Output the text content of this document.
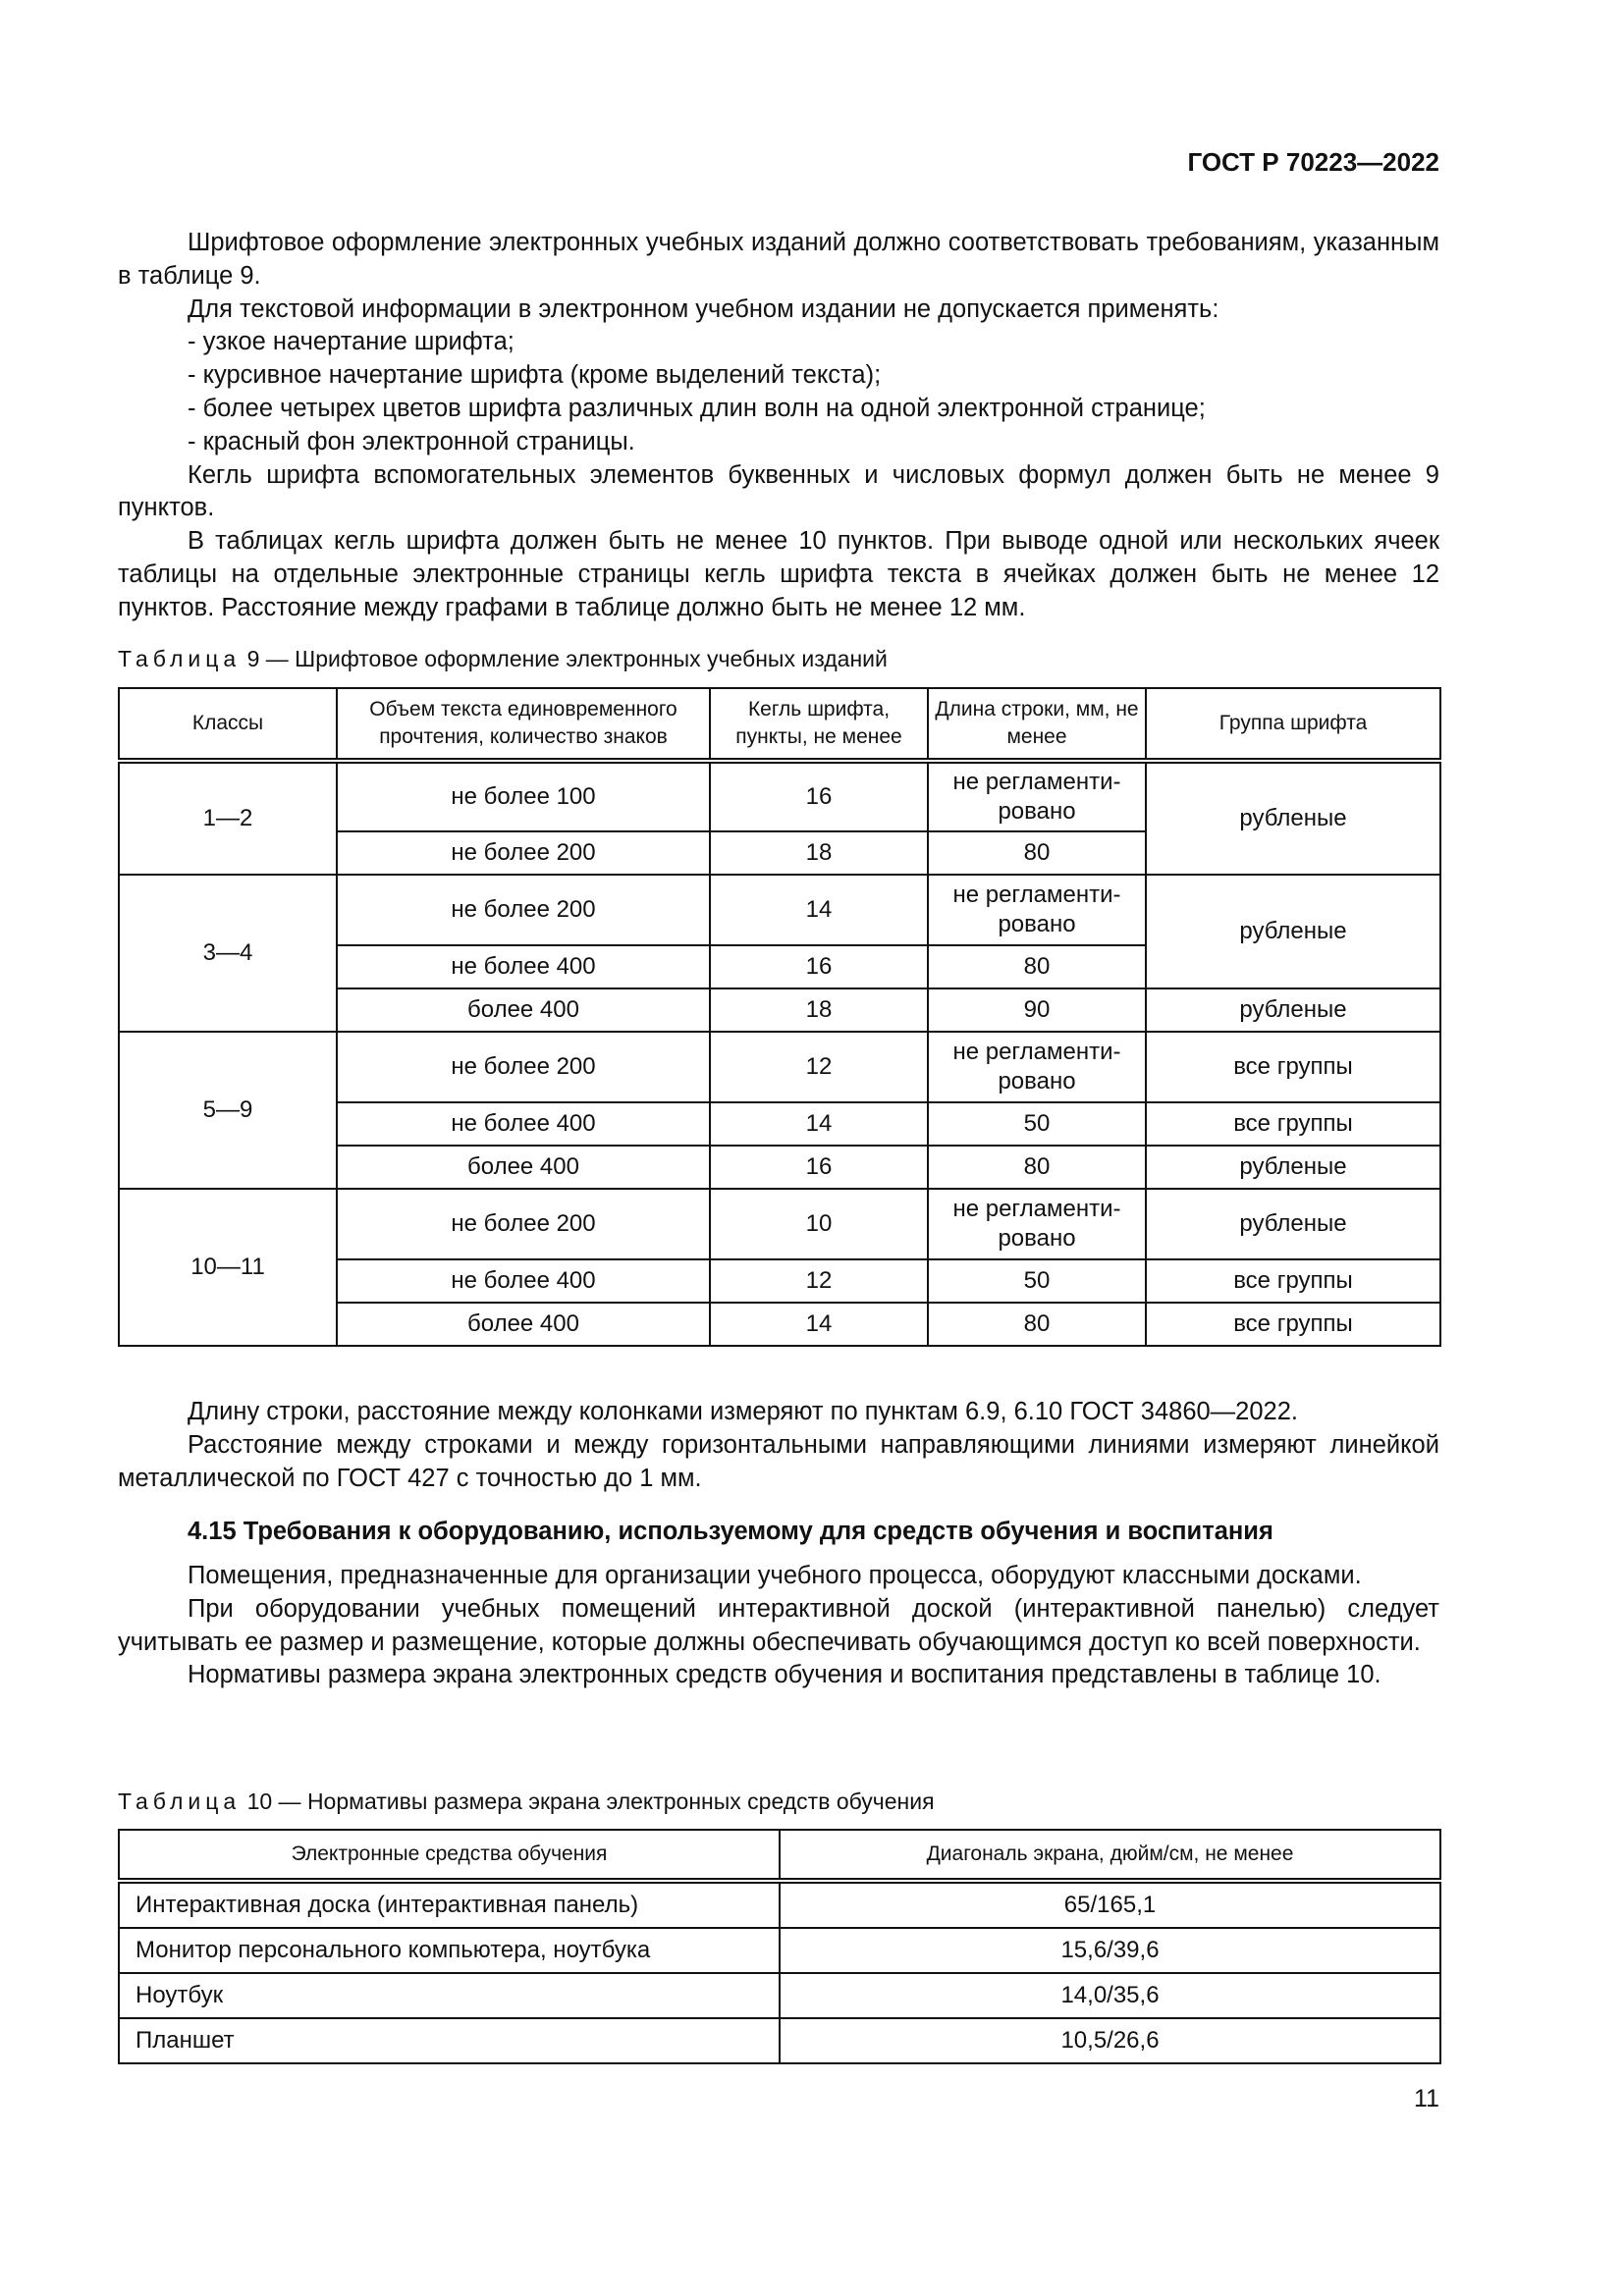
ГОСТ Р 70223—2022

Шрифтовое оформление электронных учебных изданий должно соответствовать требованиям, указанным в таблице 9.

Для текстовой информации в электронном учебном издании не допускается применять:

- узкое начертание шрифта;

- курсивное начертание шрифта (кроме выделений текста);

- более четырех цветов шрифта различных длин волн на одной электронной странице;

- красный фон электронной страницы.

Кегль шрифта вспомогательных элементов буквенных и числовых формул должен быть не менее 9 пунктов.

В таблицах кегль шрифта должен быть не менее 10 пунктов. При выводе одной или нескольких ячеек таблицы на отдельные электронные страницы кегль шрифта текста в ячейках должен быть не менее 12 пунктов. Расстояние между графами в таблице должно быть не менее 12 мм.

Таблица 9 — Шрифтовое оформление электронных учебных изданий
Классы	Объем текста единовременного прочтения, количество знаков	Кегль шрифта, пункты, не менее	Длина строки, мм, не менее	Группа шрифта
1—2	не более 100	16	не регламенти-ровано	рубленые
	не более 200	18	80	
3—4	не более 200	14	не регламенти-ровано	рубленые
	не более 400	16	80	
	более 400	18	90	рубленые
5—9	не более 200	12	не регламенти-ровано	все группы
	не более 400	14	50	все группы
	более 400	16	80	рубленые
10—11	не более 200	10	не регламенти-ровано	рубленые
	не более 400	12	50	все группы
	более 400	14	80	все группы

Длину строки, расстояние между колонками измеряют по пунктам 6.9, 6.10 ГОСТ 34860—2022.

Расстояние между строками и между горизонтальными направляющими линиями измеряют линейкой металлической по ГОСТ 427 с точностью до 1 мм.

4.15 Требования к оборудованию, используемому для средств обучения и воспитания

Помещения, предназначенные для организации учебного процесса, оборудуют классными досками.

При оборудовании учебных помещений интерактивной доской (интерактивной панелью) следует учитывать ее размер и размещение, которые должны обеспечивать обучающимся доступ ко всей поверхности.

Нормативы размера экрана электронных средств обучения и воспитания представлены в таблице 10.

Таблица 10 — Нормативы размера экрана электронных средств обучения
Электронные средства обучения	Диагональ экрана, дюйм/см, не менее
Интерактивная доска (интерактивная панель)	65/165,1
Монитор персонального компьютера, ноутбука	15,6/39,6
Ноутбук	14,0/35,6
Планшет	10,5/26,6
11
